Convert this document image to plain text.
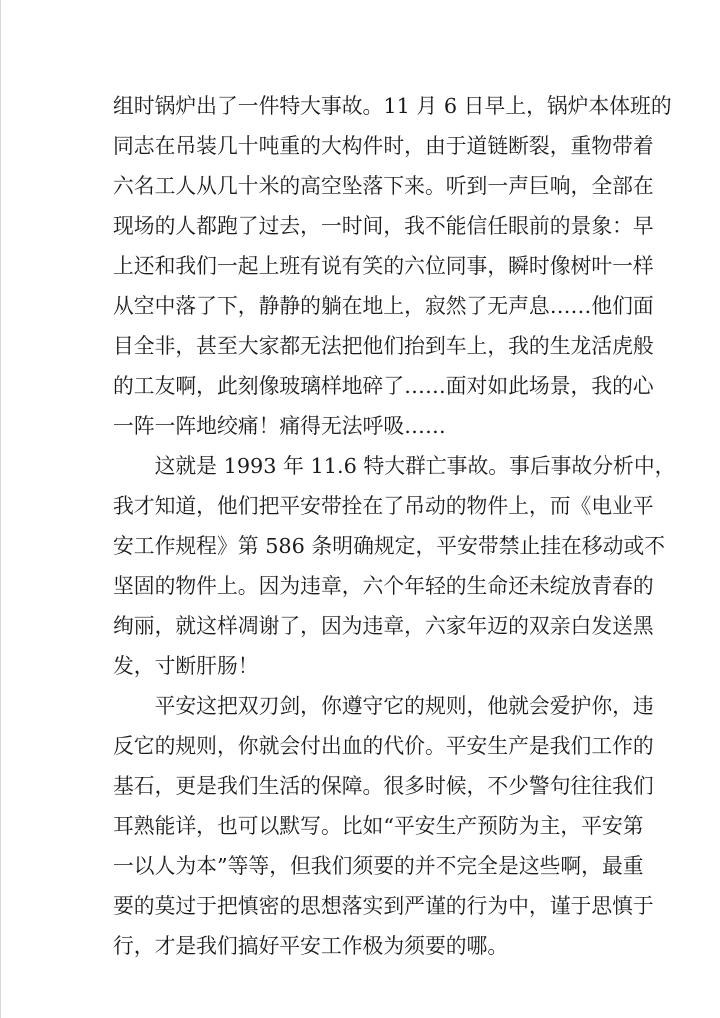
组时锅炉出了一件特大事故。11 月 6 日早上，锅炉本体班的
同志在吊装几十吨重的大构件时，由于道链断裂，重物带着
六名工人从几十米的高空坠落下来。听到一声巨响，全部在
现场的人都跑了过去，一时间，我不能信任眼前的景象：早
上还和我们一起上班有说有笑的六位同事，瞬时像树叶一样
从空中落了下，静静的躺在地上，寂然了无声息……他们面
目全非，甚至大家都无法把他们抬到车上，我的生龙活虎般
的工友啊，此刻像玻璃样地碎了……面对如此场景，我的心
一阵一阵地绞痛！痛得无法呼吸……
这就是 1993 年 11.6 特大群亡事故。事后事故分析中，
我才知道，他们把平安带拴在了吊动的物件上，而《电业平
安工作规程》第 586 条明确规定，平安带禁止挂在移动或不
坚固的物件上。因为违章，六个年轻的生命还未绽放青春的
绚丽，就这样凋谢了，因为违章，六家年迈的双亲白发送黑
发，寸断肝肠！
平安这把双刃剑，你遵守它的规则，他就会爱护你，违
反它的规则，你就会付出血的代价。平安生产是我们工作的
基石，更是我们生活的保障。很多时候，不少警句往往我们
耳熟能详，也可以默写。比如“平安生产预防为主，平安第
一以人为本”等等，但我们须要的并不完全是这些啊，最重
要的莫过于把慎密的思想落实到严谨的行为中，谨于思慎于
行，才是我们搞好平安工作极为须要的哪。
